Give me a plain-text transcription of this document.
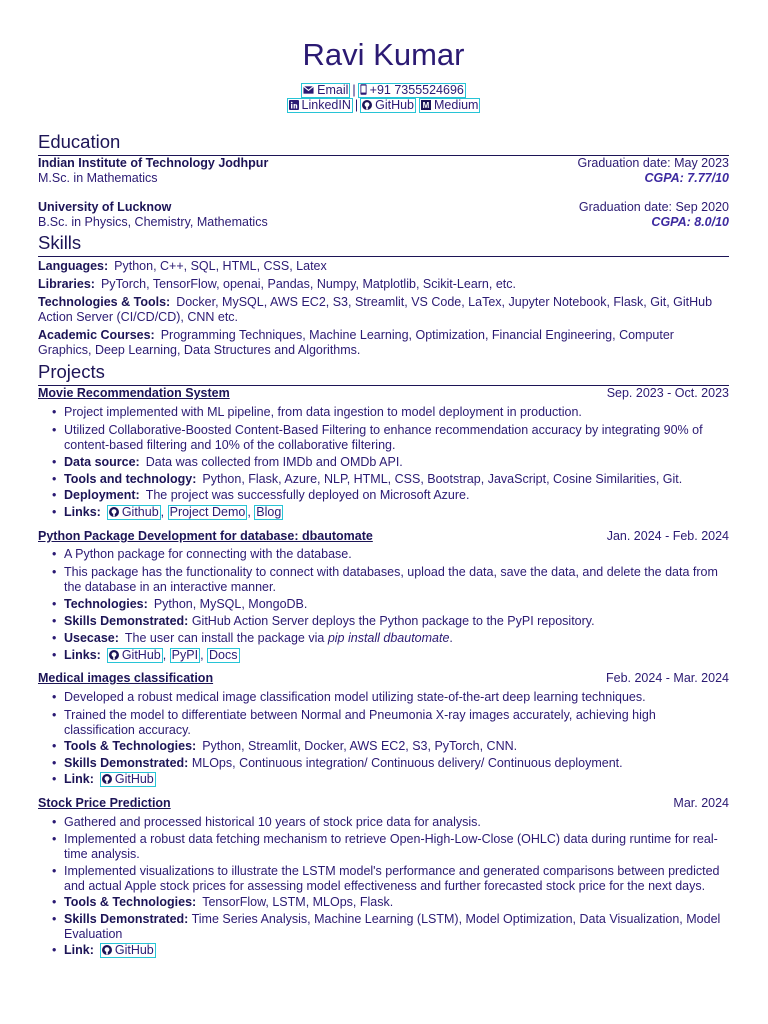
Ravi Kumar
Email | +91 7355524696
LinkedIN | GitHub M Medium
Education
Indian Institute of Technology Jodhpur	Graduation date: May 2023
M.Sc. in Mathematics	CGPA: 7.77/10
University of Lucknow	Graduation date: Sep 2020
B.Sc. in Physics, Chemistry, Mathematics	CGPA: 8.0/10
Skills
Languages: Python, C++, SQL, HTML, CSS, Latex
Libraries: PyTorch, TensorFlow, openai, Pandas, Numpy, Matplotlib, Scikit-Learn, etc.
Technologies & Tools: Docker, MySQL, AWS EC2, S3, Streamlit, VS Code, LaTex, Jupyter Notebook, Flask, Git, GitHub Action Server (CI/CD/CD), CNN etc.
Academic Courses: Programming Techniques, Machine Learning, Optimization, Financial Engineering, Computer Graphics, Deep Learning, Data Structures and Algorithms.
Projects
Movie Recommendation System	Sep. 2023 - Oct. 2023
• Project implemented with ML pipeline, from data ingestion to model deployment in production.
• Utilized Collaborative-Boosted Content-Based Filtering to enhance recommendation accuracy by integrating 90% of content-based filtering and 10% of the collaborative filtering.
• Data source: Data was collected from IMDb and OMDb API.
• Tools and technology: Python, Flask, Azure, NLP, HTML, CSS, Bootstrap, JavaScript, Cosine Similarities, Git.
• Deployment: The project was successfully deployed on Microsoft Azure.
• Links: Github , Project Demo , Blog
Python Package Development for database: dbautomate	Jan. 2024 - Feb. 2024
• A Python package for connecting with the database.
• This package has the functionality to connect with databases, upload the data, save the data, and delete the data from the database in an interactive manner.
• Technologies: Python, MySQL, MongoDB.
• Skills Demonstrated: GitHub Action Server deploys the Python package to the PyPI repository.
• Usecase: The user can install the package via pip install dbautomate.
• Links: GitHub , PyPI , Docs
Medical images classification	Feb. 2024 - Mar. 2024
• Developed a robust medical image classification model utilizing state-of-the-art deep learning techniques.
• Trained the model to differentiate between Normal and Pneumonia X-ray images accurately, achieving high classification accuracy.
• Tools & Technologies: Python, Streamlit, Docker, AWS EC2, S3, PyTorch, CNN.
• Skills Demonstrated: MLOps, Continuous integration/ Continuous delivery/ Continuous deployment.
• Link: GitHub
Stock Price Prediction	Mar. 2024
• Gathered and processed historical 10 years of stock price data for analysis.
• Implemented a robust data fetching mechanism to retrieve Open-High-Low-Close (OHLC) data during runtime for real-time analysis.
• Implemented visualizations to illustrate the LSTM model's performance and generated comparisons between predicted and actual Apple stock prices for assessing model effectiveness and further forecasted stock price for the next days.
• Tools & Technologies: TensorFlow, LSTM, MLOps, Flask.
• Skills Demonstrated: Time Series Analysis, Machine Learning (LSTM), Model Optimization, Data Visualization, Model Evaluation
• Link: GitHub
